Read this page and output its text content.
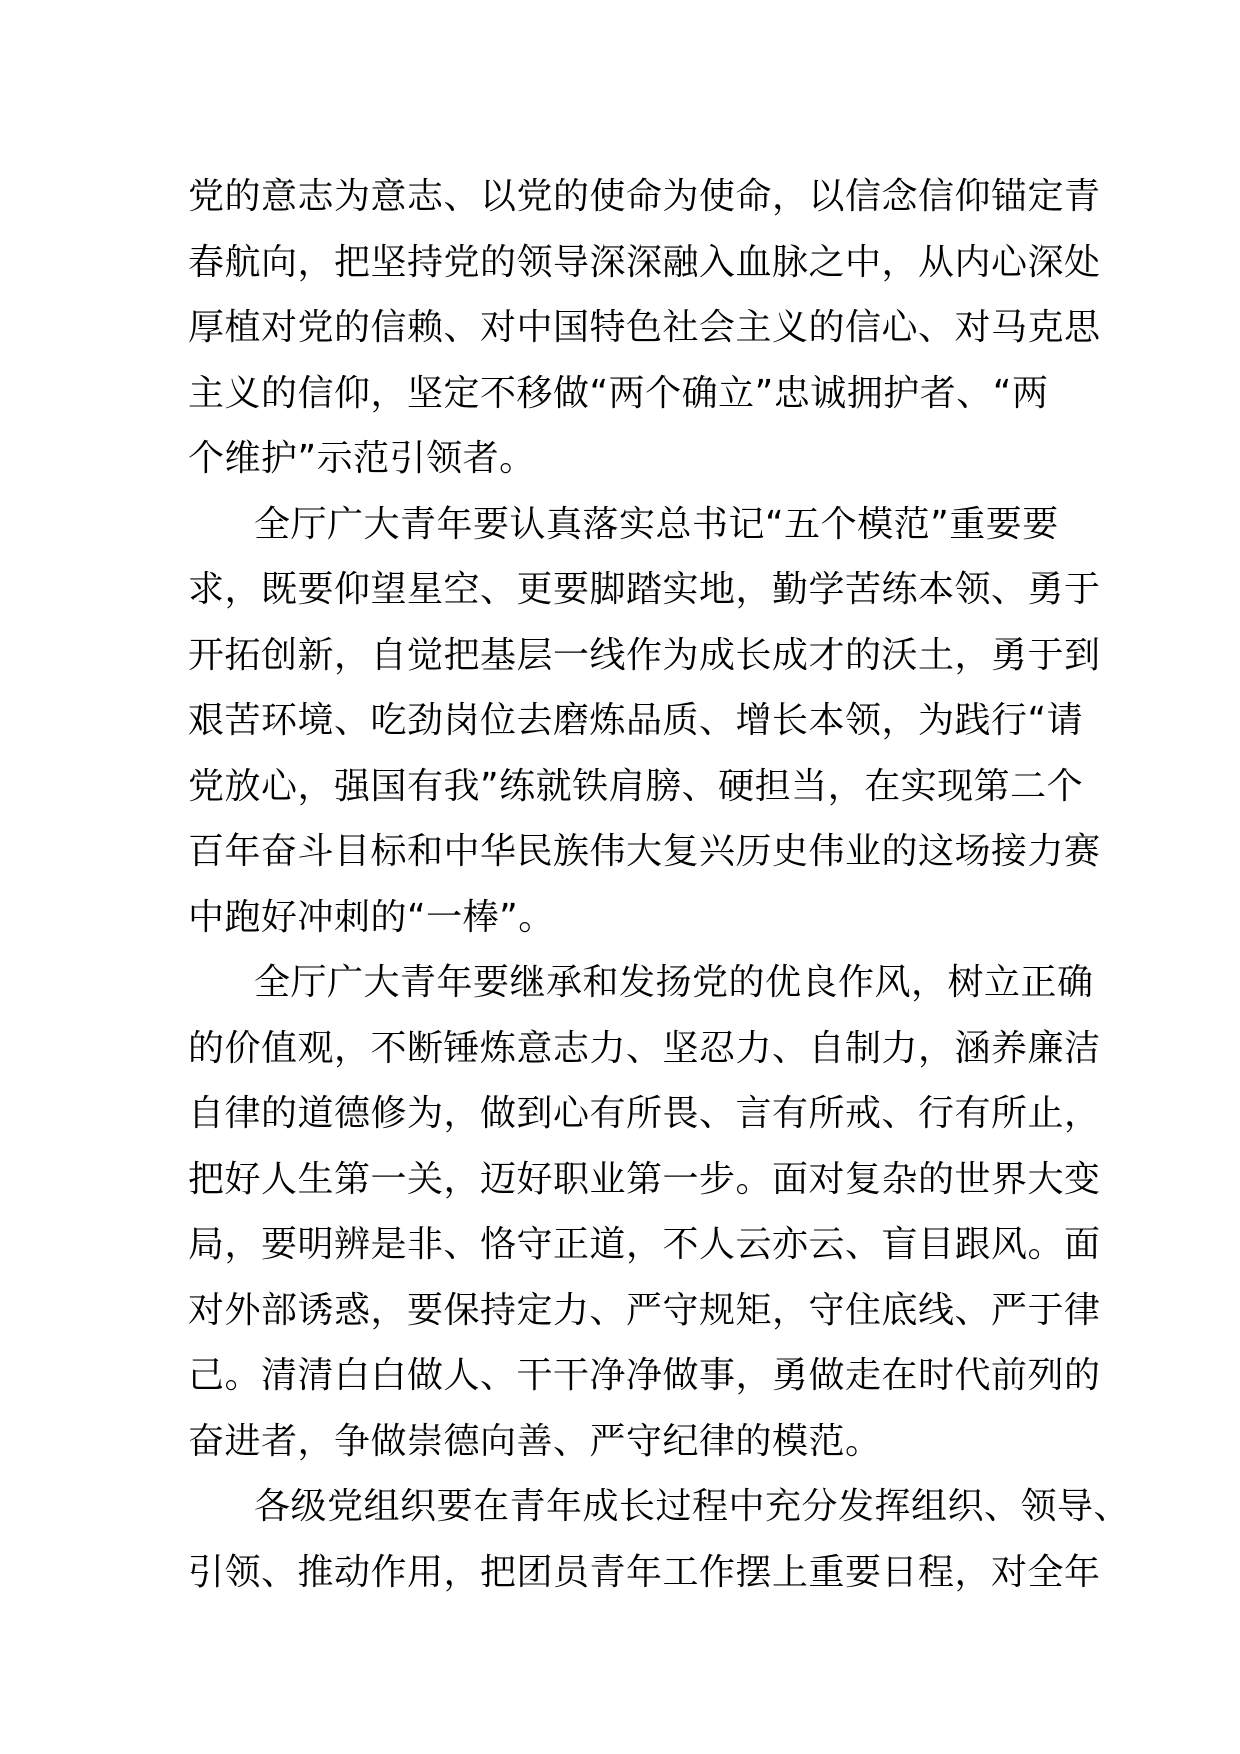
党的意志为意志、以党的使命为使命，以信念信仰锚定青
春航向，把坚持党的领导深深融入血脉之中，从内心深处
厚植对党的信赖、对中国特色社会主义的信心、对马克思
主义的信仰，坚定不移做“两个确立”忠诚拥护者、“两
个维护”示范引领者。
全厅广大青年要认真落实总书记“五个模范”重要要
求，既要仰望星空、更要脚踏实地，勤学苦练本领、勇于
开拓创新，自觉把基层一线作为成长成才的沃土，勇于到
艰苦环境、吃劲岗位去磨炼品质、增长本领，为践行“请
党放心，强国有我”练就铁肩膀、硬担当，在实现第二个
百年奋斗目标和中华民族伟大复兴历史伟业的这场接力赛
中跑好冲刺的“一棒”。
全厅广大青年要继承和发扬党的优良作风，树立正确
的价值观，不断锤炼意志力、坚忍力、自制力，涵养廉洁
自律的道德修为，做到心有所畏、言有所戒、行有所止，
把好人生第一关，迈好职业第一步。面对复杂的世界大变
局，要明辨是非、恪守正道，不人云亦云、盲目跟风。面
对外部诱惑，要保持定力、严守规矩，守住底线、严于律
己。清清白白做人、干干净净做事，勇做走在时代前列的
奋进者，争做崇德向善、严守纪律的模范。
各级党组织要在青年成长过程中充分发挥组织、领导、
引领、推动作用，把团员青年工作摆上重要日程，对全年
